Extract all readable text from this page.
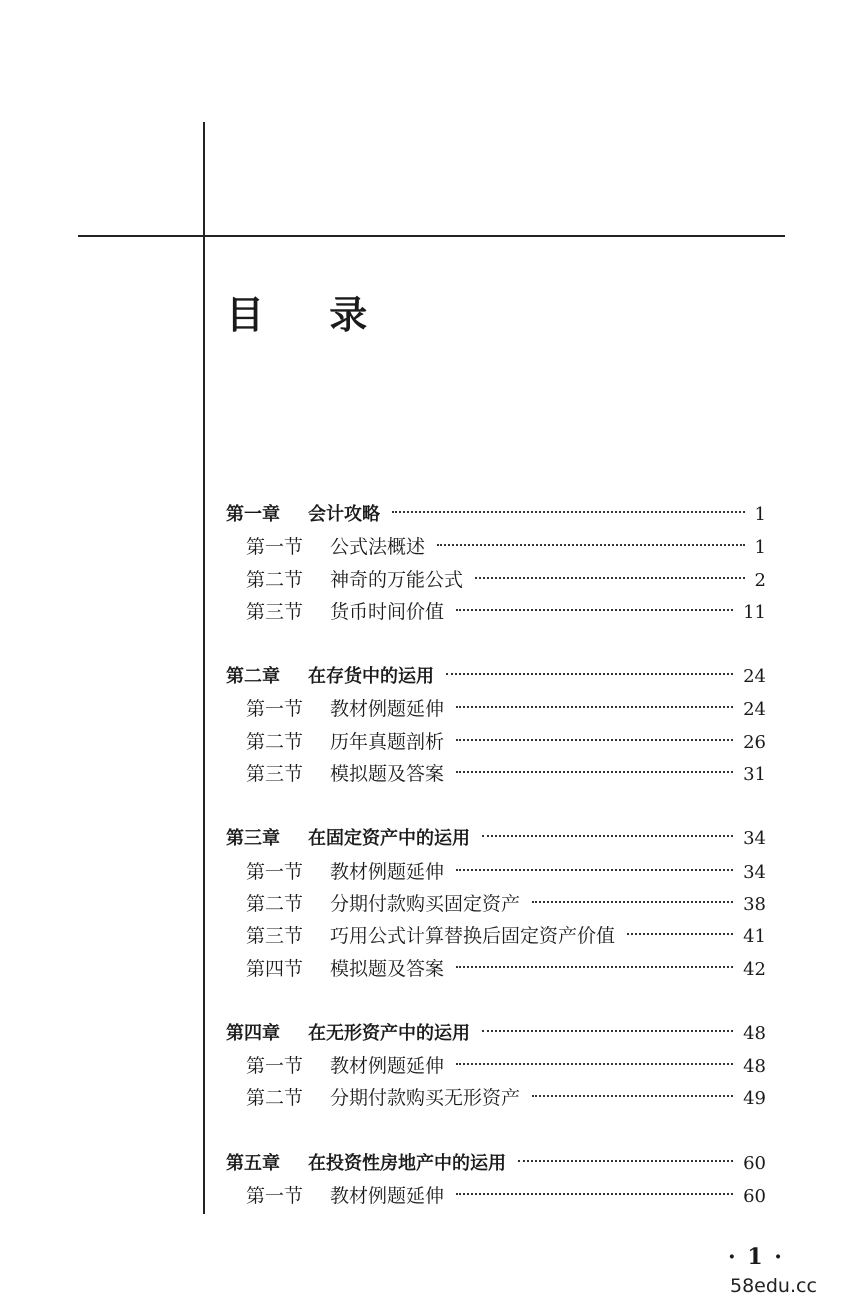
目 录
第一章	会计攻略	1
第一节	公式法概述	1
第二节	神奇的万能公式	2
第三节	货币时间价值	11
第二章	在存货中的运用	24
第一节	教材例题延伸	24
第二节	历年真题剖析	26
第三节	模拟题及答案	31
第三章	在固定资产中的运用	34
第一节	教材例题延伸	34
第二节	分期付款购买固定资产	38
第三节	巧用公式计算替换后固定资产价值	41
第四节	模拟题及答案	42
第四章	在无形资产中的运用	48
第一节	教材例题延伸	48
第二节	分期付款购买无形资产	49
第五章	在投资性房地产中的运用	60
第一节	教材例题延伸	60
· 1 ·
58edu.cc
